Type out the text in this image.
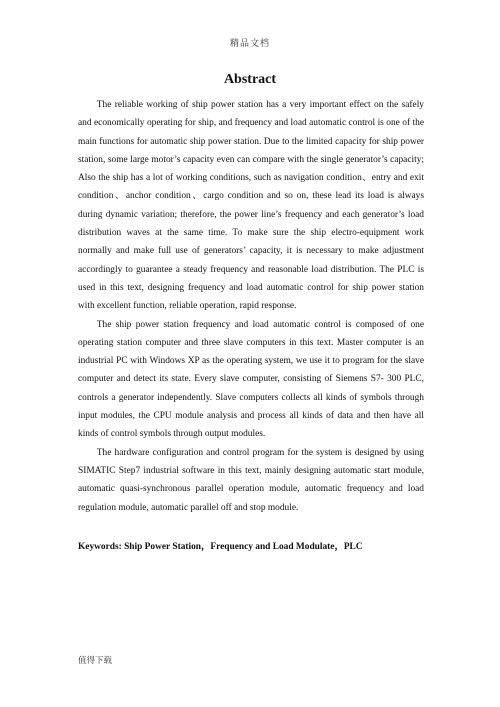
精品文档
Abstract

The reliable working of ship power station has a very important effect on the safely and economically operating for ship, and frequency and load automatic control is one of the main functions for automatic ship power station. Due to the limited capacity for ship power station, some large motor’s capacity even can compare with the single generator’s capacity; Also the ship has a lot of working conditions, such as navigation condition、entry and exit condition、anchor condition、cargo condition and so on, these lead its load is always during dynamic variation; therefore, the power line’s frequency and each generator’s load distribution waves at the same time. To make sure the ship electro-equipment work normally and make full use of generators’ capacity, it is necessary to make adjustment accordingly to guarantee a steady frequency and reasonable load distribution. The PLC is used in this text, designing frequency and load automatic control for ship power station with excellent function, reliable operation, rapid response.

The ship power station frequency and load automatic control is composed of one operating station computer and three slave computers in this text. Master computer is an industrial PC with Windows XP as the operating system, we use it to program for the slave computer and detect its state. Every slave computer, consisting of Siemens S7- 300 PLC, controls a generator independently. Slave computers collects all kinds of symbols through input modules, the CPU module analysis and process all kinds of data and then have all kinds of control symbols through output modules.

The hardware configuration and control program for the system is designed by using SIMATIC Step7 industrial software in this text, mainly designing automatic start module, automatic quasi-synchronous parallel operation module, automatic frequency and load regulation module, automatic parallel off and stop module.

Keywords: Ship Power Station，Frequency and Load Modulate，PLC
值得下载
